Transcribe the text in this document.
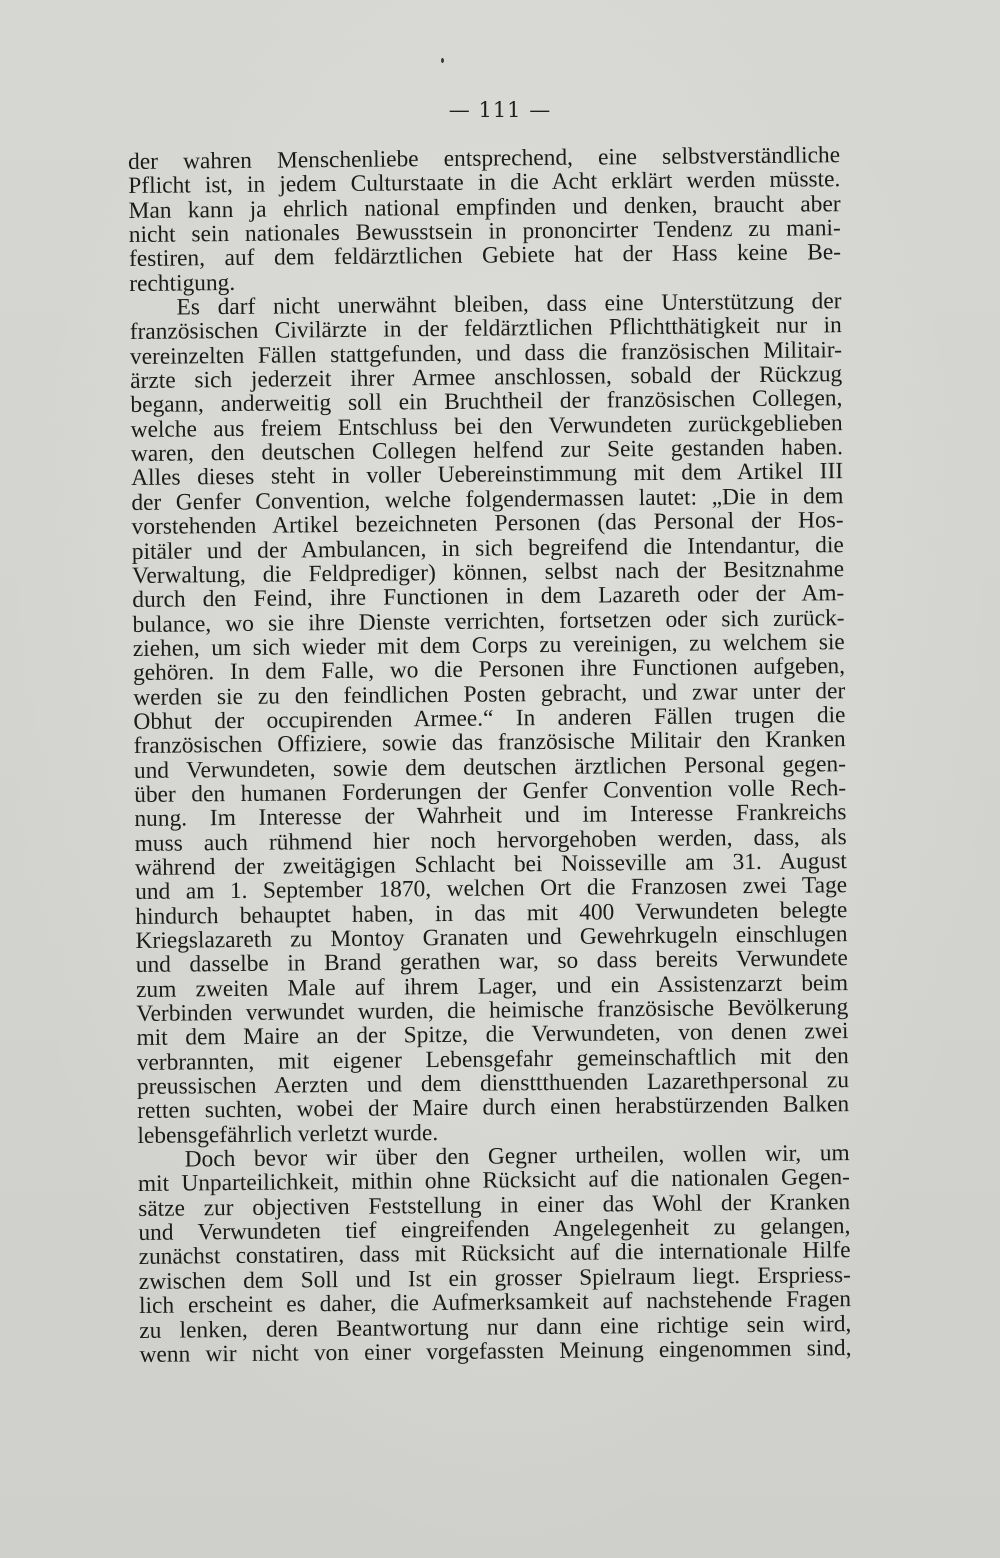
— 111 —
der wahren Menschenliebe entsprechend, eine selbstverständliche
Pflicht ist, in jedem Culturstaate in die Acht erklärt werden müsste.
Man kann ja ehrlich national empfinden und denken, braucht aber
nicht sein nationales Bewusstsein in prononcirter Tendenz zu mani-
festiren, auf dem feldärztlichen Gebiete hat der Hass keine Be-
rechtigung.
Es darf nicht unerwähnt bleiben, dass eine Unterstützung der
französischen Civilärzte in der feldärztlichen Pflichtthätigkeit nur in
vereinzelten Fällen stattgefunden, und dass die französischen Militair-
ärzte sich jederzeit ihrer Armee anschlossen, sobald der Rückzug
begann, anderweitig soll ein Bruchtheil der französischen Collegen,
welche aus freiem Entschluss bei den Verwundeten zurückgeblieben
waren, den deutschen Collegen helfend zur Seite gestanden haben.
Alles dieses steht in voller Uebereinstimmung mit dem Artikel III
der Genfer Convention, welche folgendermassen lautet: „Die in dem
vorstehenden Artikel bezeichneten Personen (das Personal der Hos-
pitäler und der Ambulancen, in sich begreifend die Intendantur, die
Verwaltung, die Feldprediger) können, selbst nach der Besitznahme
durch den Feind, ihre Functionen in dem Lazareth oder der Am-
bulance, wo sie ihre Dienste verrichten, fortsetzen oder sich zurück-
ziehen, um sich wieder mit dem Corps zu vereinigen, zu welchem sie
gehören. In dem Falle, wo die Personen ihre Functionen aufgeben,
werden sie zu den feindlichen Posten gebracht, und zwar unter der
Obhut der occupirenden Armee.“ In anderen Fällen trugen die
französischen Offiziere, sowie das französische Militair den Kranken
und Verwundeten, sowie dem deutschen ärztlichen Personal gegen-
über den humanen Forderungen der Genfer Convention volle Rech-
nung. Im Interesse der Wahrheit und im Interesse Frankreichs
muss auch rühmend hier noch hervorgehoben werden, dass, als
während der zweitägigen Schlacht bei Noisseville am 31. August
und am 1. September 1870, welchen Ort die Franzosen zwei Tage
hindurch behauptet haben, in das mit 400 Verwundeten belegte
Kriegslazareth zu Montoy Granaten und Gewehrkugeln einschlugen
und dasselbe in Brand gerathen war, so dass bereits Verwundete
zum zweiten Male auf ihrem Lager, und ein Assistenzarzt beim
Verbinden verwundet wurden, die heimische französische Bevölkerung
mit dem Maire an der Spitze, die Verwundeten, von denen zwei
verbrannten, mit eigener Lebensgefahr gemeinschaftlich mit den
preussischen Aerzten und dem diensttthuenden Lazarethpersonal zu
retten suchten, wobei der Maire durch einen herabstürzenden Balken
lebensgefährlich verletzt wurde.
Doch bevor wir über den Gegner urtheilen, wollen wir, um
mit Unparteilichkeit, mithin ohne Rücksicht auf die nationalen Gegen-
sätze zur objectiven Feststellung in einer das Wohl der Kranken
und Verwundeten tief eingreifenden Angelegenheit zu gelangen,
zunächst constatiren, dass mit Rücksicht auf die internationale Hilfe
zwischen dem Soll und Ist ein grosser Spielraum liegt. Erspriess-
lich erscheint es daher, die Aufmerksamkeit auf nachstehende Fragen
zu lenken, deren Beantwortung nur dann eine richtige sein wird,
wenn wir nicht von einer vorgefassten Meinung eingenommen sind,
